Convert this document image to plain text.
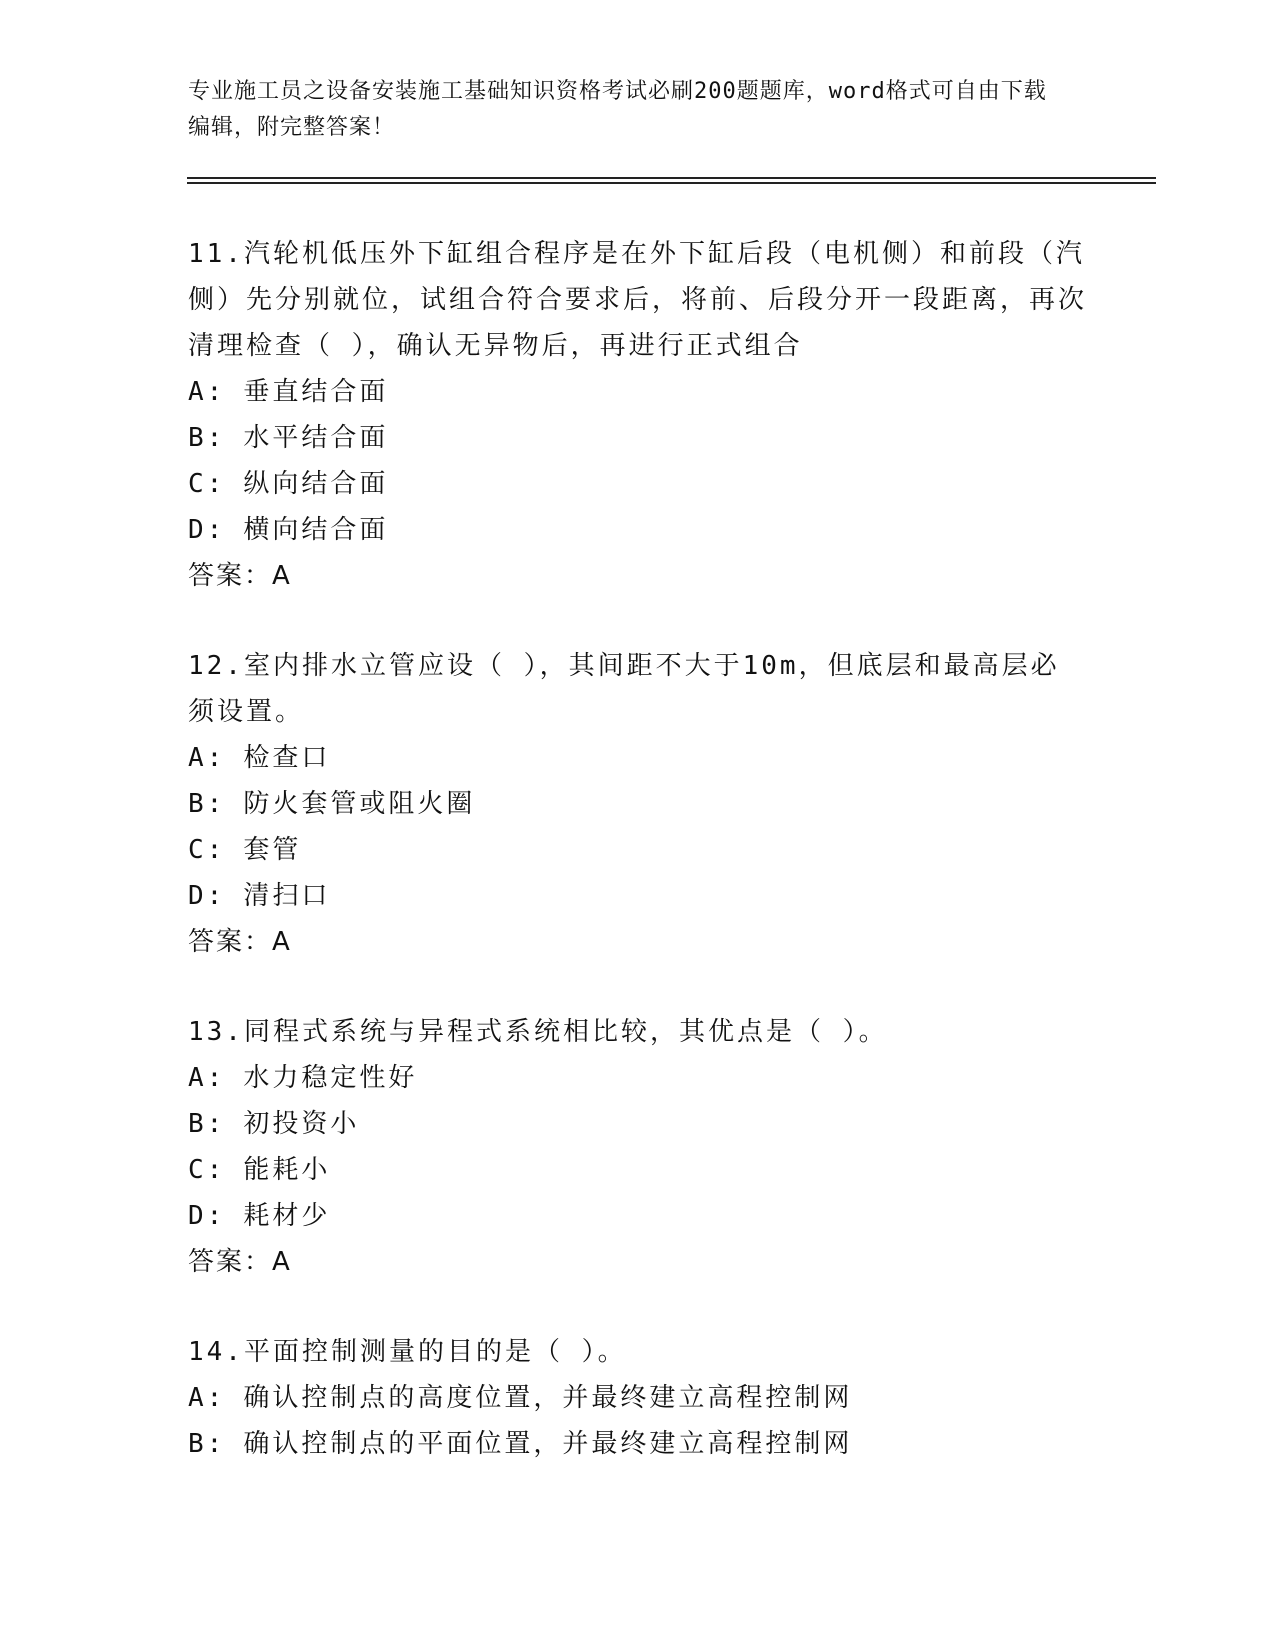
专业施工员之设备安装施工基础知识资格考试必刷200题题库，word格式可自由下载编辑，附完整答案！

11.汽轮机低压外下缸组合程序是在外下缸后段（电机侧）和前段（汽侧）先分别就位，试组合符合要求后，将前、后段分开一段距离，再次清理检查（ ），确认无异物后，再进行正式组合

A: 垂直结合面

B: 水平结合面

C: 纵向结合面

D: 横向结合面

答案：A

12.室内排水立管应设（ ），其间距不大于10m，但底层和最高层必须设置。

A: 检查口

B: 防火套管或阻火圈

C: 套管

D: 清扫口

答案：A

13.同程式系统与异程式系统相比较，其优点是（ ）。

A: 水力稳定性好

B: 初投资小

C: 能耗小

D: 耗材少

答案：A

14.平面控制测量的目的是（ ）。

A: 确认控制点的高度位置，并最终建立高程控制网

B: 确认控制点的平面位置，并最终建立高程控制网
